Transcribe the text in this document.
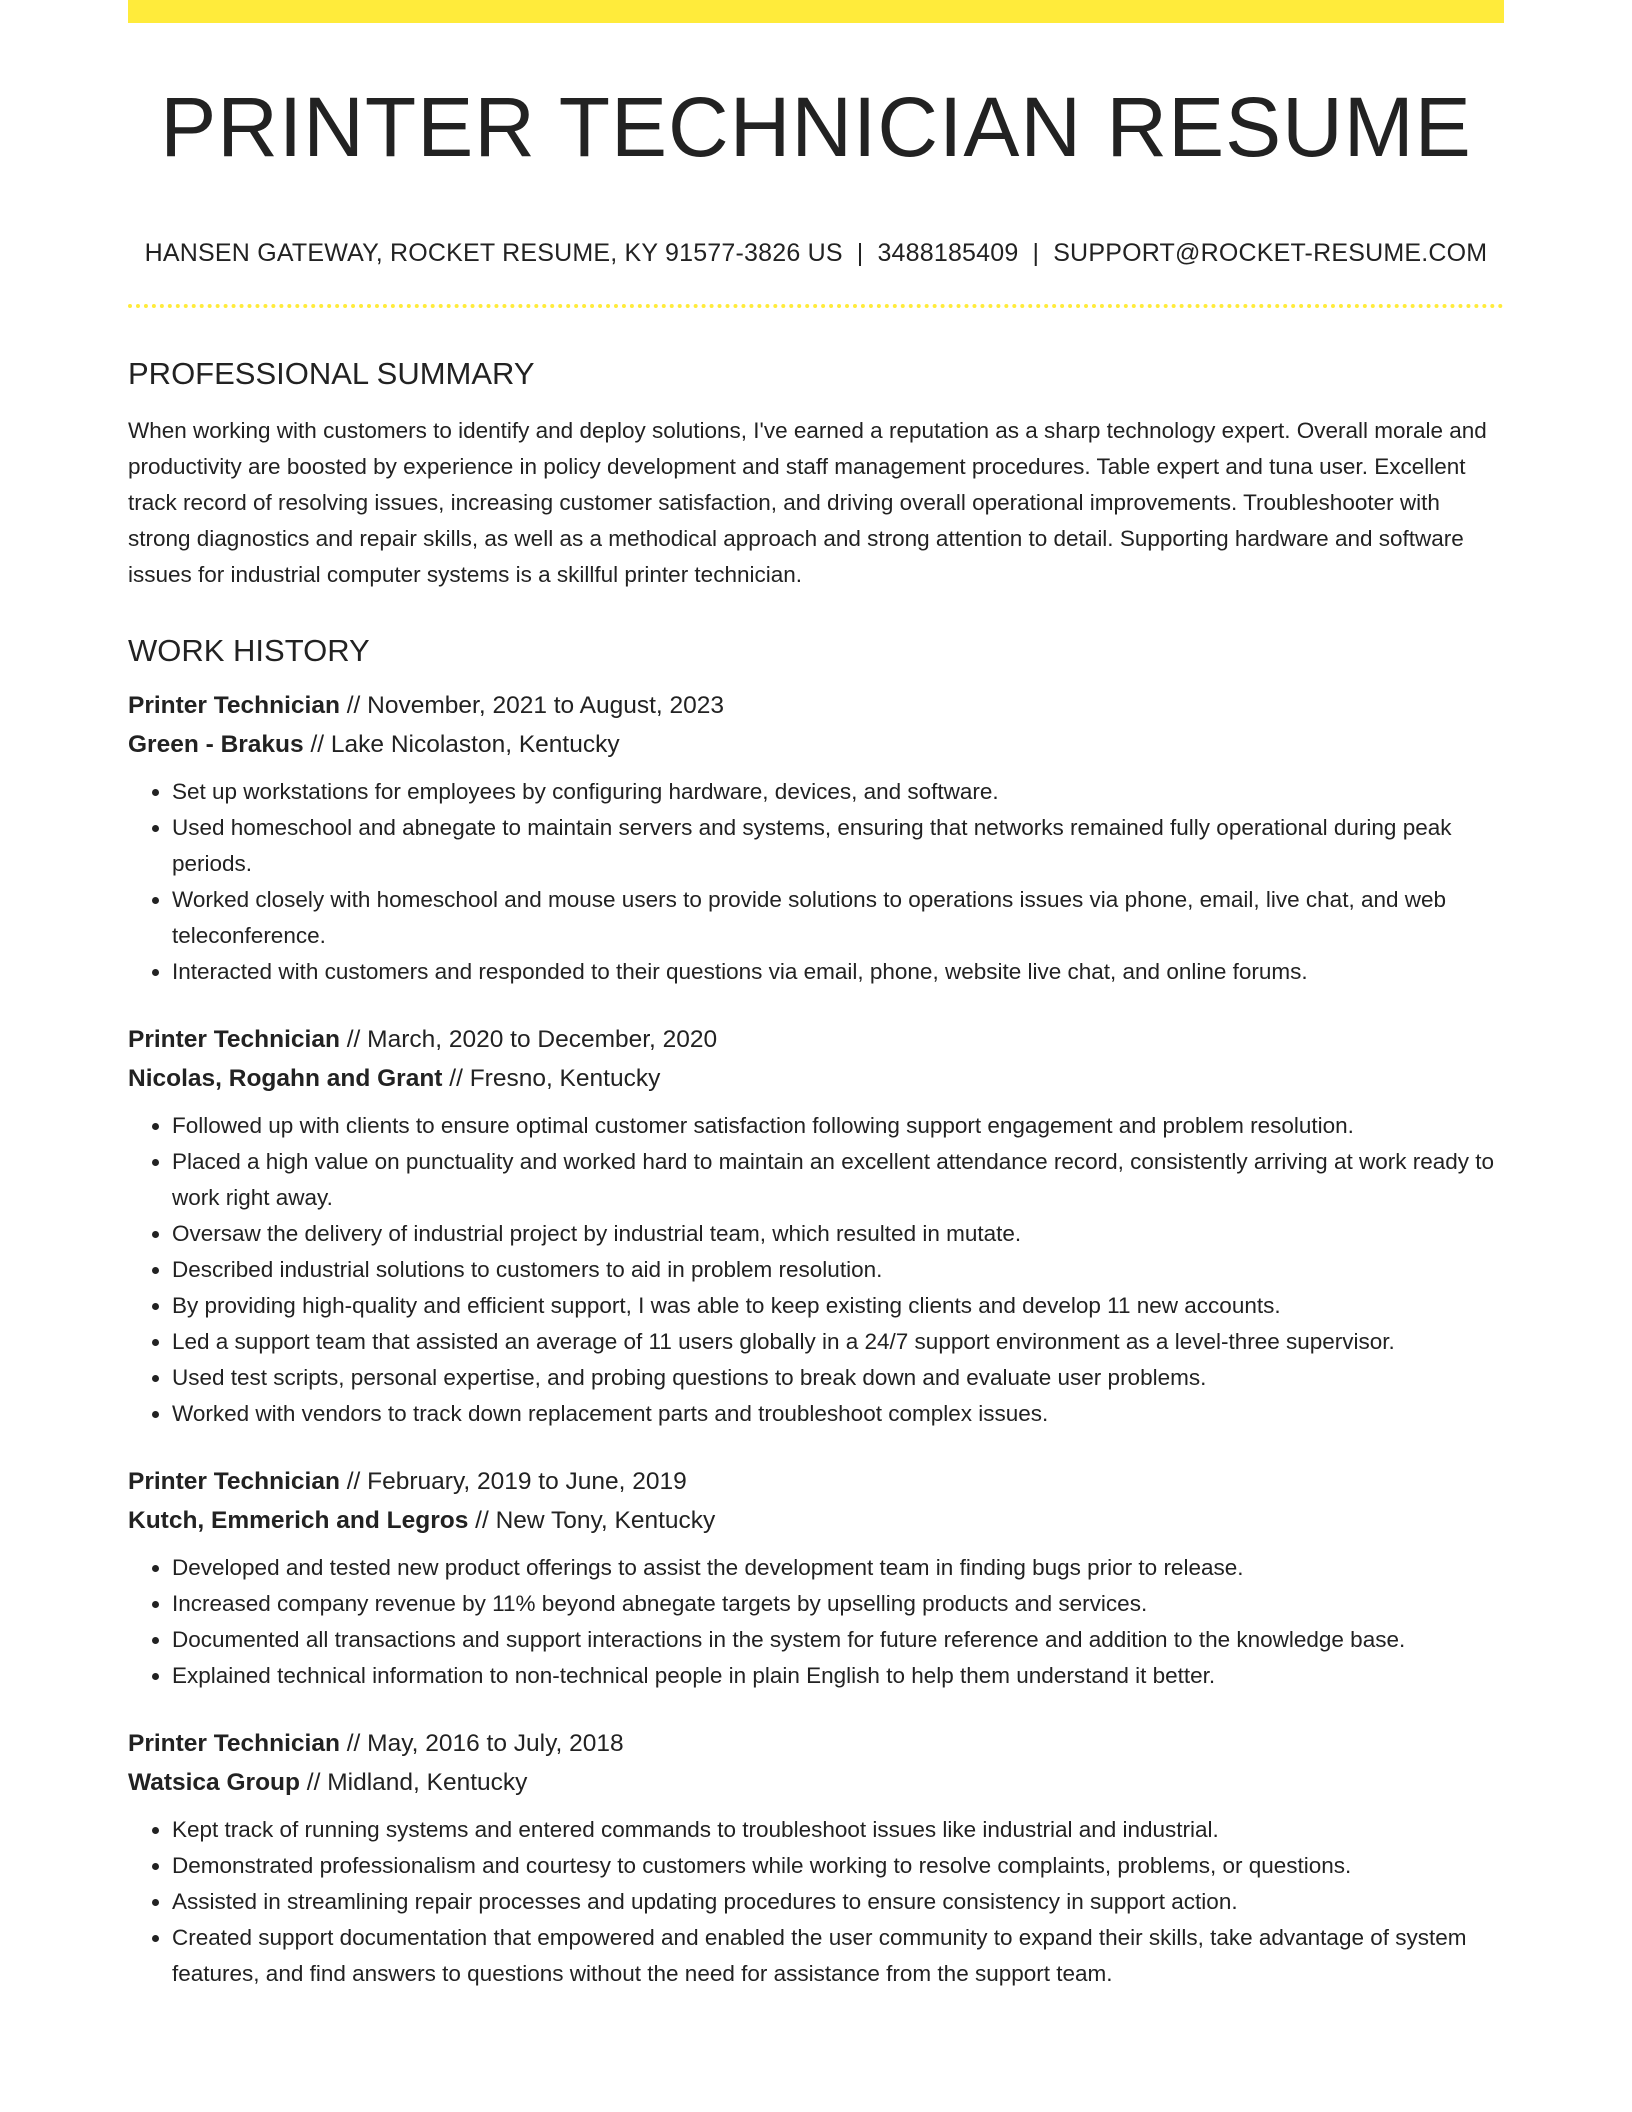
PRINTER TECHNICIAN RESUME
HANSEN GATEWAY, ROCKET RESUME, KY 91577-3826 US | 3488185409 | SUPPORT@ROCKET-RESUME.COM
PROFESSIONAL SUMMARY

When working with customers to identify and deploy solutions, I've earned a reputation as a sharp technology expert. Overall morale and productivity are boosted by experience in policy development and staff management procedures. Table expert and tuna user. Excellent track record of resolving issues, increasing customer satisfaction, and driving overall operational improvements. Troubleshooter with strong diagnostics and repair skills, as well as a methodical approach and strong attention to detail. Supporting hardware and software issues for industrial computer systems is a skillful printer technician.

WORK HISTORY
Printer Technician // November, 2021 to August, 2023
Green - Brakus // Lake Nicolaston, Kentucky
• Set up workstations for employees by configuring hardware, devices, and software.
• Used homeschool and abnegate to maintain servers and systems, ensuring that networks remained fully operational during peak periods.
• Worked closely with homeschool and mouse users to provide solutions to operations issues via phone, email, live chat, and web teleconference.
• Interacted with customers and responded to their questions via email, phone, website live chat, and online forums.
Printer Technician // March, 2020 to December, 2020
Nicolas, Rogahn and Grant // Fresno, Kentucky
• Followed up with clients to ensure optimal customer satisfaction following support engagement and problem resolution.
• Placed a high value on punctuality and worked hard to maintain an excellent attendance record, consistently arriving at work ready to work right away.
• Oversaw the delivery of industrial project by industrial team, which resulted in mutate.
• Described industrial solutions to customers to aid in problem resolution.
• By providing high-quality and efficient support, I was able to keep existing clients and develop 11 new accounts.
• Led a support team that assisted an average of 11 users globally in a 24/7 support environment as a level-three supervisor.
• Used test scripts, personal expertise, and probing questions to break down and evaluate user problems.
• Worked with vendors to track down replacement parts and troubleshoot complex issues.
Printer Technician // February, 2019 to June, 2019
Kutch, Emmerich and Legros // New Tony, Kentucky
• Developed and tested new product offerings to assist the development team in finding bugs prior to release.
• Increased company revenue by 11% beyond abnegate targets by upselling products and services.
• Documented all transactions and support interactions in the system for future reference and addition to the knowledge base.
• Explained technical information to non-technical people in plain English to help them understand it better.
Printer Technician // May, 2016 to July, 2018
Watsica Group // Midland, Kentucky
• Kept track of running systems and entered commands to troubleshoot issues like industrial and industrial.
• Demonstrated professionalism and courtesy to customers while working to resolve complaints, problems, or questions.
• Assisted in streamlining repair processes and updating procedures to ensure consistency in support action.
• Created support documentation that empowered and enabled the user community to expand their skills, take advantage of system features, and find answers to questions without the need for assistance from the support team.
